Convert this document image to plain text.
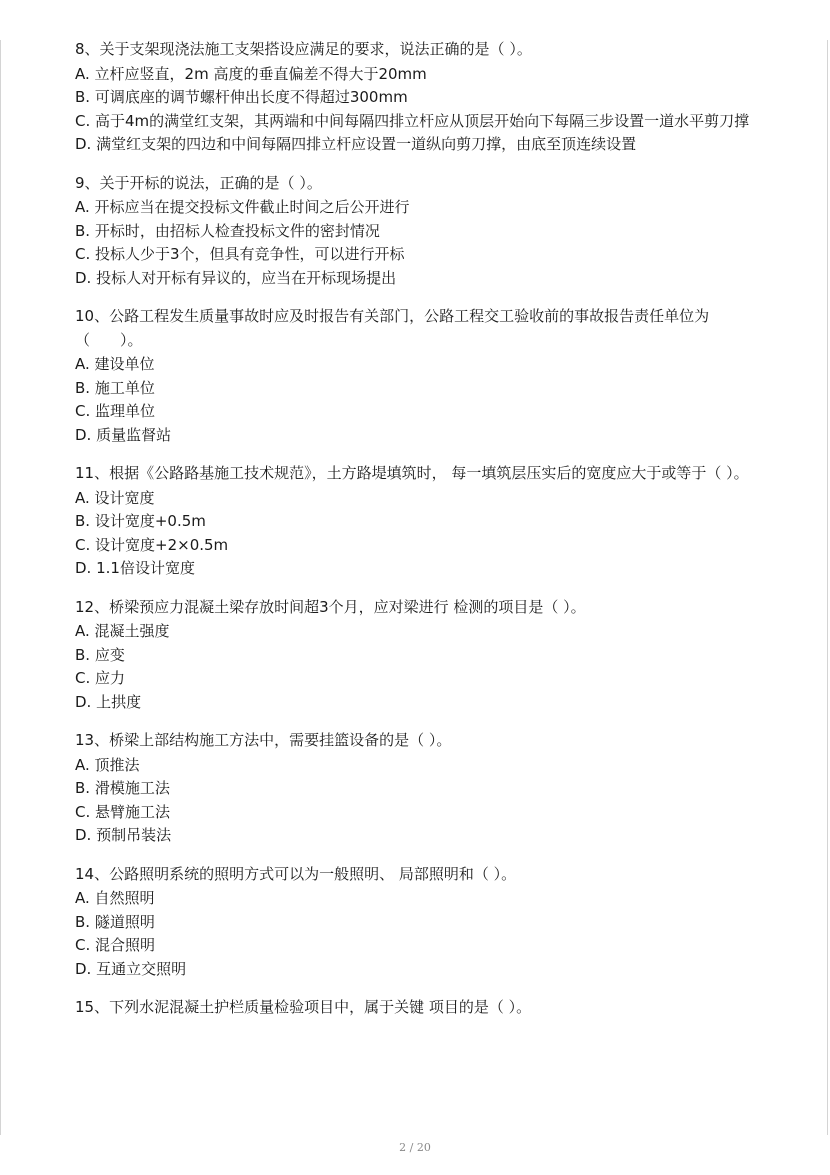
8、关于支架现浇法施工支架搭设应满足的要求，说法正确的是（ ）。
A. 立杆应竖直，2m 高度的垂直偏差不得大于20mm
B. 可调底座的调节螺杆伸出长度不得超过300mm
C. 高于4m的满堂红支架，其两端和中间每隔四排立杆应从顶层开始向下每隔三步设置一道水平剪刀撑
D. 满堂红支架的四边和中间每隔四排立杆应设置一道纵向剪刀撑，由底至顶连续设置
9、关于开标的说法，正确的是（ ）。
A. 开标应当在提交投标文件截止时间之后公开进行
B. 开标时，由招标人检查投标文件的密封情况
C. 投标人少于3个，但具有竞争性，可以进行开标
D. 投标人对开标有异议的，应当在开标现场提出
10、公路工程发生质量事故时应及时报告有关部门，公路工程交工验收前的事故报告责任单位为（　　）。
A. 建设单位
B. 施工单位
C. 监理单位
D. 质量监督站
11、根据《公路路基施工技术规范》，土方路堤填筑时， 每一填筑层压实后的宽度应大于或等于（ ）。
A. 设计宽度
B. 设计宽度+0.5m
C. 设计宽度+2×0.5m
D. 1.1倍设计宽度
12、桥梁预应力混凝土梁存放时间超3个月，应对梁进行 检测的项目是（ ）。
A. 混凝土强度
B. 应变
C. 应力
D. 上拱度
13、桥梁上部结构施工方法中，需要挂篮设备的是（ ）。
A. 顶推法
B. 滑模施工法
C. 悬臂施工法
D. 预制吊装法
14、公路照明系统的照明方式可以为一般照明、 局部照明和（ ）。
A. 自然照明
B. 隧道照明
C. 混合照明
D. 互通立交照明
15、下列水泥混凝土护栏质量检验项目中，属于关键 项目的是（ ）。
2 / 20
